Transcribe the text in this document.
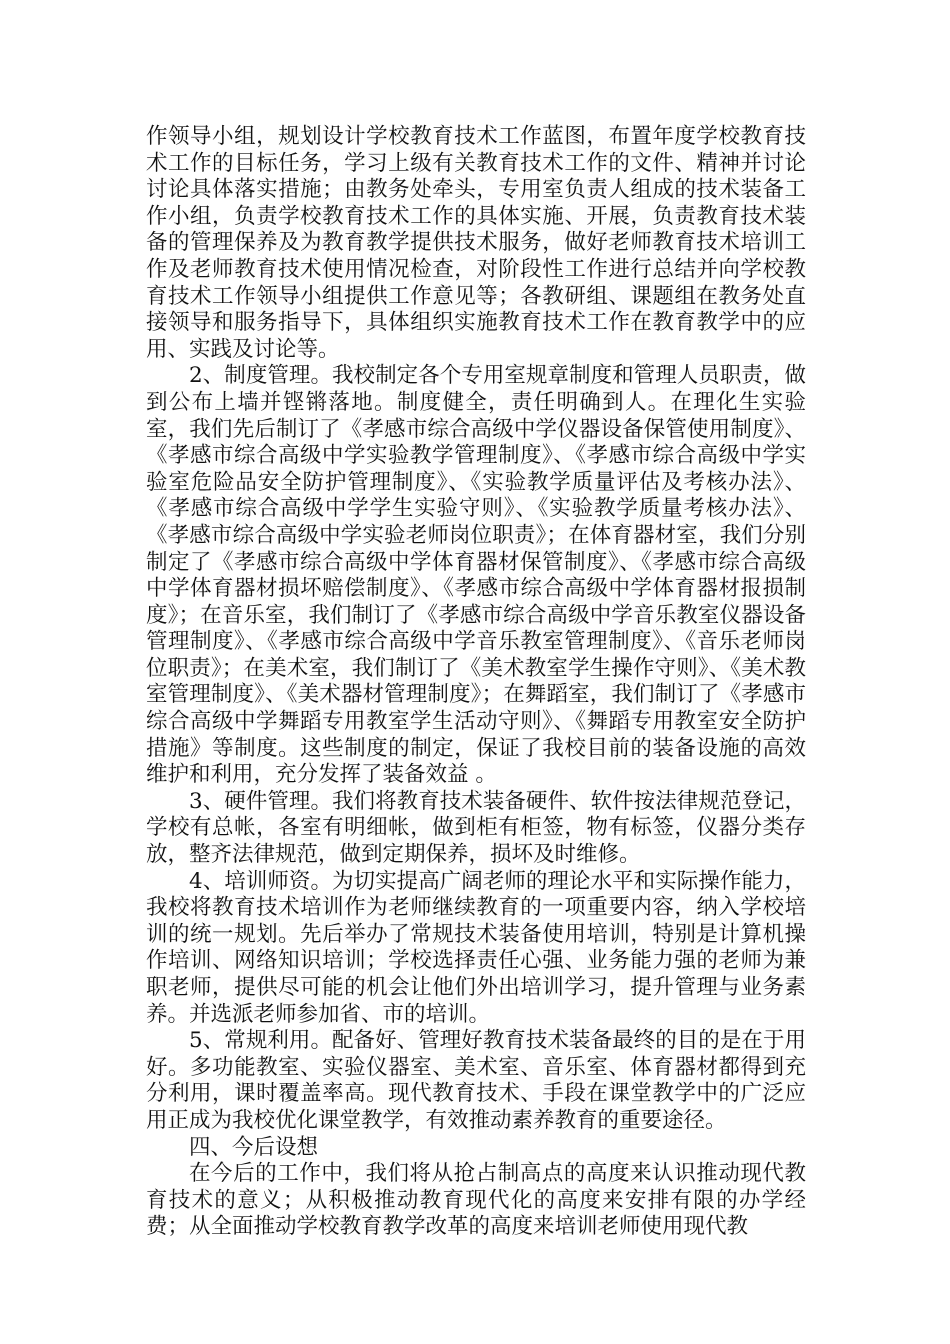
作领导小组，规划设计学校教育技术工作蓝图，布置年度学校教育技术工作的目标任务，学习上级有关教育技术工作的文件、精神并讨论讨论具体落实措施；由教务处牵头，专用室负责人组成的技术装备工作小组，负责学校教育技术工作的具体实施、开展，负责教育技术装备的管理保养及为教育教学提供技术服务，做好老师教育技术培训工作及老师教育技术使用情况检查，对阶段性工作进行总结并向学校教育技术工作领导小组提供工作意见等；各教研组、课题组在教务处直接领导和服务指导下，具体组织实施教育技术工作在教育教学中的应用、实践及讨论等。

2、制度管理。我校制定各个专用室规章制度和管理人员职责，做到公布上墙并铿锵落地。制度健全，责任明确到人。在理化生实验室，我们先后制订了《孝感市综合高级中学仪器设备保管使用制度》、《孝感市综合高级中学实验教学管理制度》、《孝感市综合高级中学实验室危险品安全防护管理制度》、《实验教学质量评估及考核办法》、《孝感市综合高级中学学生实验守则》、《实验教学质量考核办法》、《孝感市综合高级中学实验老师岗位职责》；在体育器材室，我们分别制定了《孝感市综合高级中学体育器材保管制度》、《孝感市综合高级中学体育器材损坏赔偿制度》、《孝感市综合高级中学体育器材报损制度》；在音乐室，我们制订了《孝感市综合高级中学音乐教室仪器设备管理制度》、《孝感市综合高级中学音乐教室管理制度》、《音乐老师岗位职责》；在美术室，我们制订了《美术教室学生操作守则》、《美术教室管理制度》、《美术器材管理制度》；在舞蹈室，我们制订了《孝感市综合高级中学舞蹈专用教室学生活动守则》、《舞蹈专用教室安全防护措施》等制度。这些制度的制定，保证了我校目前的装备设施的高效维护和利用，充分发挥了装备效益 。

3、硬件管理。我们将教育技术装备硬件、软件按法律规范登记，学校有总帐，各室有明细帐，做到柜有柜签，物有标签，仪器分类存放，整齐法律规范，做到定期保养，损坏及时维修。

4、培训师资。为切实提高广阔老师的理论水平和实际操作能力，我校将教育技术培训作为老师继续教育的一项重要内容，纳入学校培训的统一规划。先后举办了常规技术装备使用培训，特别是计算机操作培训、网络知识培训；学校选择责任心强、业务能力强的老师为兼职老师，提供尽可能的机会让他们外出培训学习，提升管理与业务素养。并选派老师参加省、市的培训。

5、常规利用。配备好、管理好教育技术装备最终的目的是在于用好。多功能教室、实验仪器室、美术室、音乐室、体育器材都得到充分利用，课时覆盖率高。现代教育技术、手段在课堂教学中的广泛应用正成为我校优化课堂教学，有效推动素养教育的重要途径。

四、今后设想

在今后的工作中，我们将从抢占制高点的高度来认识推动现代教育技术的意义；从积极推动教育现代化的高度来安排有限的办学经费；从全面推动学校教育教学改革的高度来培训老师使用现代教
